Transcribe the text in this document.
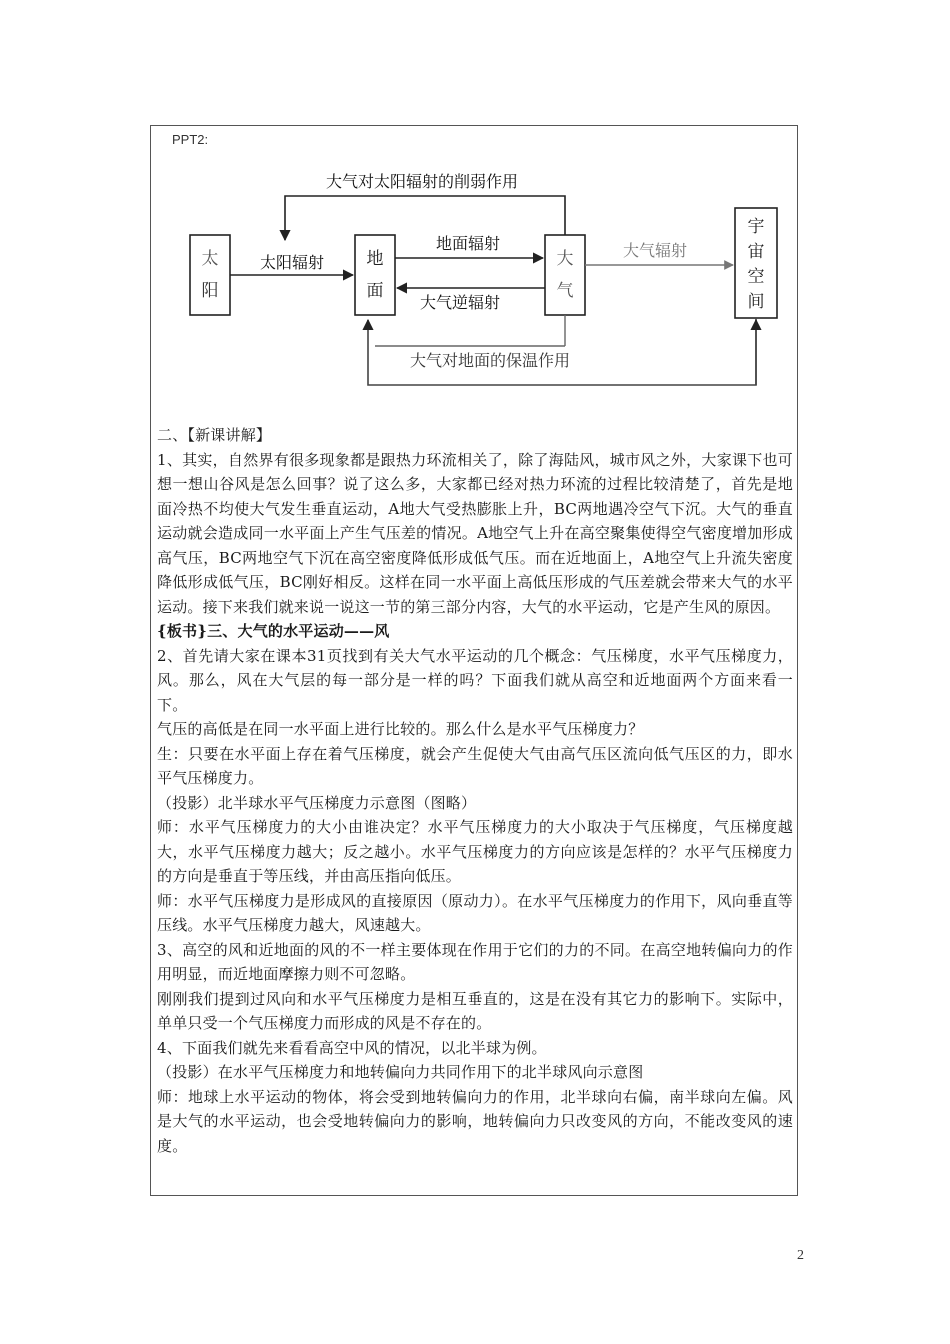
PPT2:
太
阳
地
面
大
气
宇
宙
空
间
大气对太阳辐射的削弱作用
太阳辐射
地面辐射
大气逆辐射
大气辐射
大气对地面的保温作用

二、【新课讲解】

1、其实，自然界有很多现象都是跟热力环流相关了，除了海陆风，城市风之外，大家课下也可想一想山谷风是怎么回事？说了这么多，大家都已经对热力环流的过程比较清楚了，首先是地面冷热不均使大气发生垂直运动，A地大气受热膨胀上升，BC两地遇冷空气下沉。大气的垂直运动就会造成同一水平面上产生气压差的情况。A地空气上升在高空聚集使得空气密度增加形成高气压，BC两地空气下沉在高空密度降低形成低气压。而在近地面上，A地空气上升流失密度降低形成低气压，BC刚好相反。这样在同一水平面上高低压形成的气压差就会带来大气的水平运动。接下来我们就来说一说这一节的第三部分内容，大气的水平运动，它是产生风的原因。

{板书}三、大气的水平运动——风

2、首先请大家在课本31页找到有关大气水平运动的几个概念：气压梯度，水平气压梯度力，风。那么，风在大气层的每一部分是一样的吗？下面我们就从高空和近地面两个方面来看一下。

气压的高低是在同一水平面上进行比较的。那么什么是水平气压梯度力？

生：只要在水平面上存在着气压梯度，就会产生促使大气由高气压区流向低气压区的力，即水平气压梯度力。

（投影）北半球水平气压梯度力示意图（图略）

师：水平气压梯度力的大小由谁决定？水平气压梯度力的大小取决于气压梯度，气压梯度越大，水平气压梯度力越大；反之越小。水平气压梯度力的方向应该是怎样的？水平气压梯度力的方向是垂直于等压线，并由高压指向低压。

师：水平气压梯度力是形成风的直接原因（原动力）。在水平气压梯度力的作用下，风向垂直等压线。水平气压梯度力越大，风速越大。

3、高空的风和近地面的风的不一样主要体现在作用于它们的力的不同。在高空地转偏向力的作用明显，而近地面摩擦力则不可忽略。

刚刚我们提到过风向和水平气压梯度力是相互垂直的，这是在没有其它力的影响下。实际中，单单只受一个气压梯度力而形成的风是不存在的。

4、下面我们就先来看看高空中风的情况，以北半球为例。

（投影）在水平气压梯度力和地转偏向力共同作用下的北半球风向示意图

师：地球上水平运动的物体，将会受到地转偏向力的作用，北半球向右偏，南半球向左偏。风是大气的水平运动，也会受地转偏向力的影响，地转偏向力只改变风的方向，不能改变风的速度。

2
